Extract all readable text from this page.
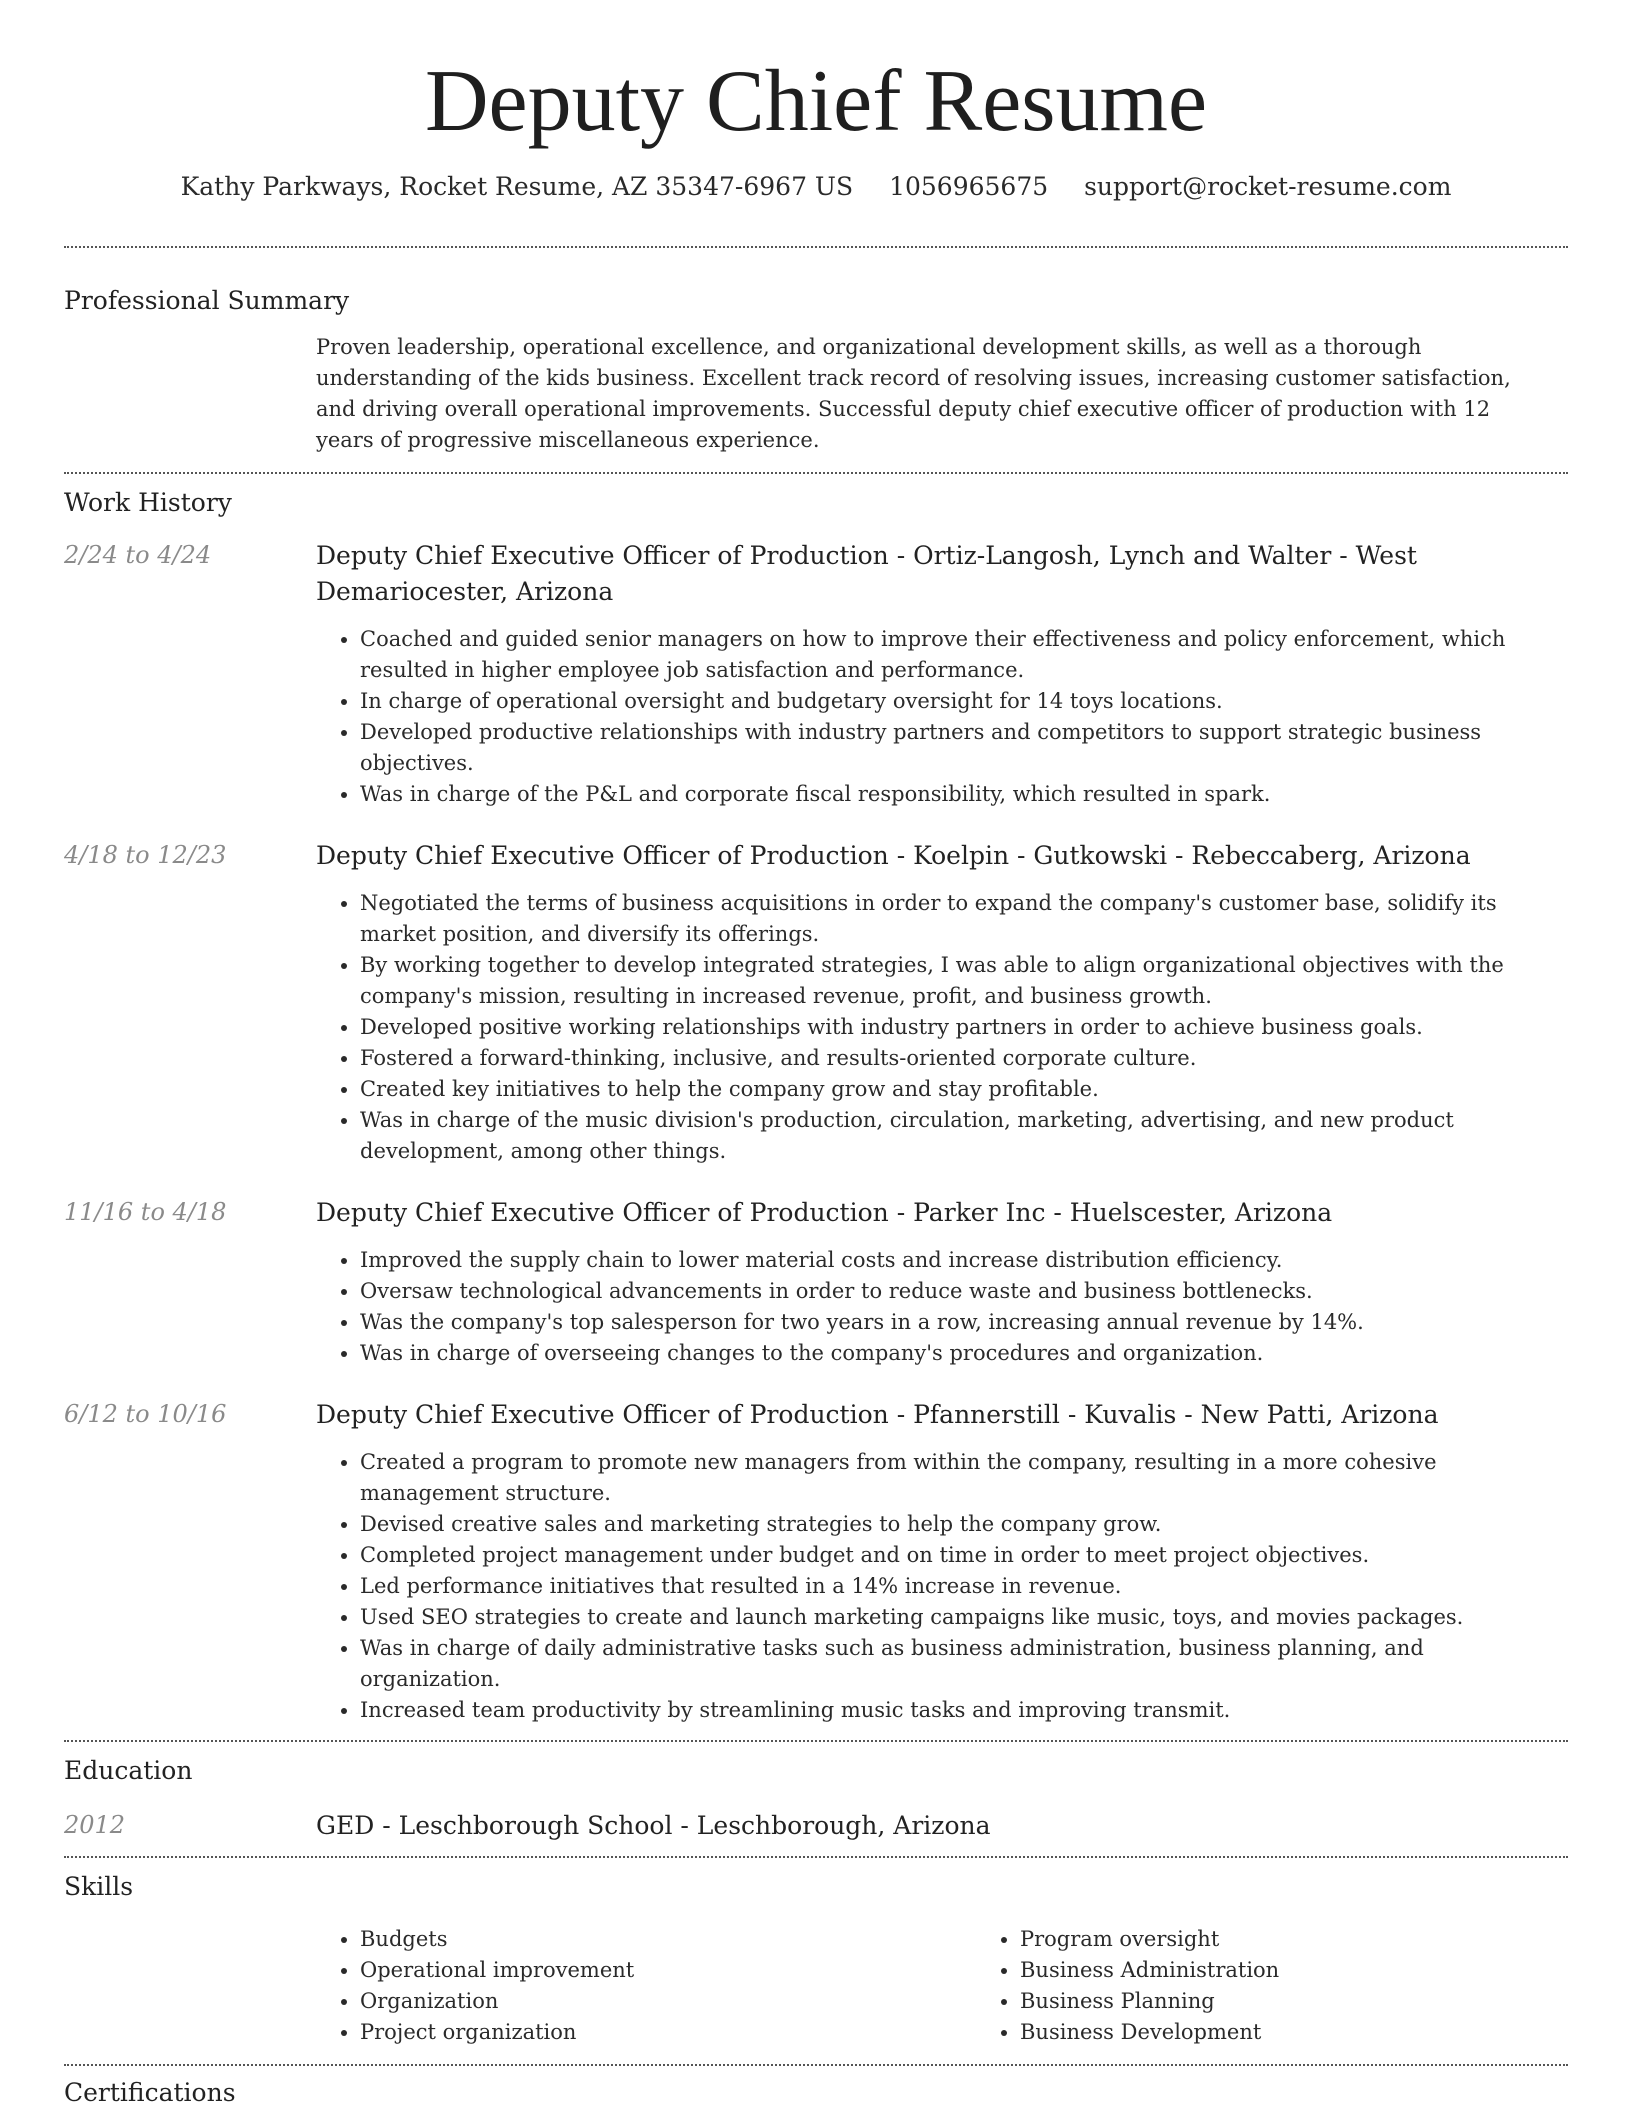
Deputy Chief Resume
Kathy Parkways, Rocket Resume, AZ 35347-6967 US 1056965675 support@rocket-resume.com
Professional Summary

Proven leadership, operational excellence, and organizational development skills, as well as a thorough understanding of the kids business. Excellent track record of resolving issues, increasing customer satisfaction, and driving overall operational improvements. Successful deputy chief executive officer of production with 12 years of progressive miscellaneous experience.

Work History
2/24 to 4/24	Deputy Chief Executive Officer of Production - Ortiz-Langosh, Lynch and Walter - West Demariocester, Arizona
• Coached and guided senior managers on how to improve their effectiveness and policy enforcement, which resulted in higher employee job satisfaction and performance.
• In charge of operational oversight and budgetary oversight for 14 toys locations.
• Developed productive relationships with industry partners and competitors to support strategic business objectives.
• Was in charge of the P&L and corporate fiscal responsibility, which resulted in spark.
4/18 to 12/23	Deputy Chief Executive Officer of Production - Koelpin - Gutkowski - Rebeccaberg, Arizona
• Negotiated the terms of business acquisitions in order to expand the company's customer base, solidify its market position, and diversify its offerings.
• By working together to develop integrated strategies, I was able to align organizational objectives with the company's mission, resulting in increased revenue, profit, and business growth.
• Developed positive working relationships with industry partners in order to achieve business goals.
• Fostered a forward-thinking, inclusive, and results-oriented corporate culture.
• Created key initiatives to help the company grow and stay profitable.
• Was in charge of the music division's production, circulation, marketing, advertising, and new product development, among other things.
11/16 to 4/18	Deputy Chief Executive Officer of Production - Parker Inc - Huelscester, Arizona
• Improved the supply chain to lower material costs and increase distribution efficiency.
• Oversaw technological advancements in order to reduce waste and business bottlenecks.
• Was the company's top salesperson for two years in a row, increasing annual revenue by 14%.
• Was in charge of overseeing changes to the company's procedures and organization.
6/12 to 10/16	Deputy Chief Executive Officer of Production - Pfannerstill - Kuvalis - New Patti, Arizona
• Created a program to promote new managers from within the company, resulting in a more cohesive management structure.
• Devised creative sales and marketing strategies to help the company grow.
• Completed project management under budget and on time in order to meet project objectives.
• Led performance initiatives that resulted in a 14% increase in revenue.
• Used SEO strategies to create and launch marketing campaigns like music, toys, and movies packages.
• Was in charge of daily administrative tasks such as business administration, business planning, and organization.
• Increased team productivity by streamlining music tasks and improving transmit.
Education
2012	GED - Leschborough School - Leschborough, Arizona
Skills
• Budgets
• Operational improvement
• Organization
• Project organization
• Program oversight
• Business Administration
• Business Planning
• Business Development
Certifications
